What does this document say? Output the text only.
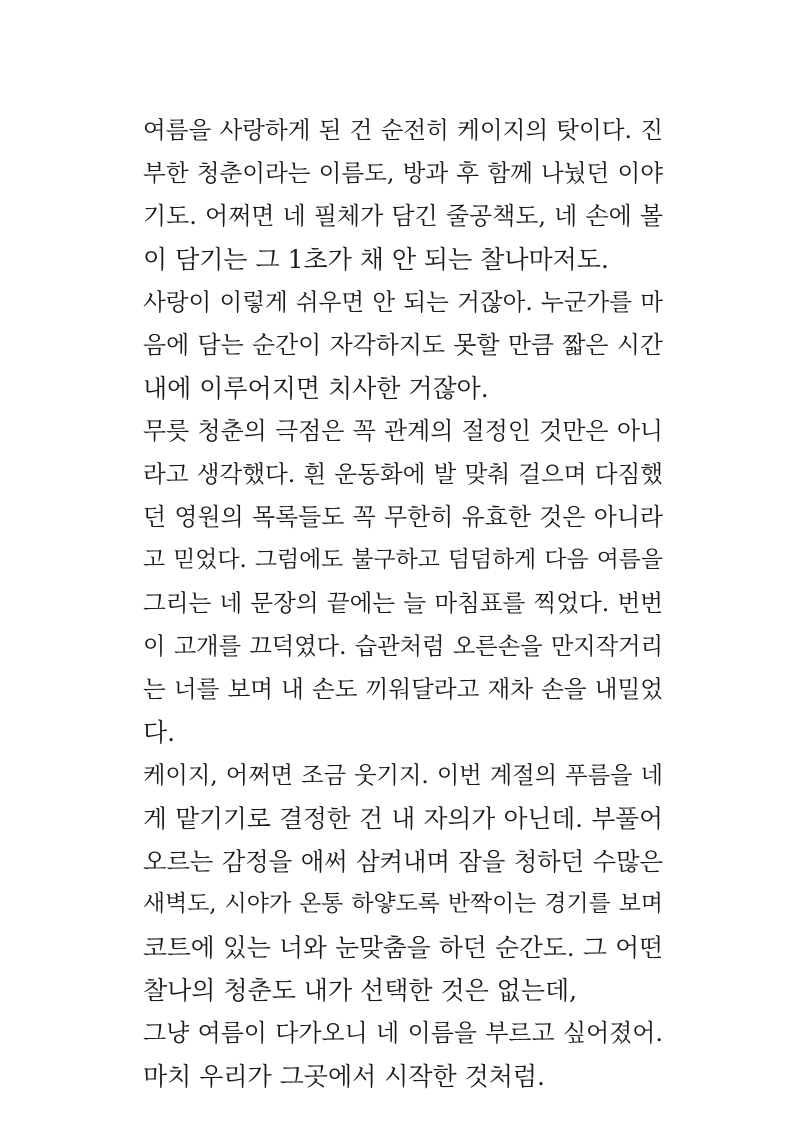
여름을 사랑하게 된 건 순전히 케이지의 탓이다. 진
부한 청춘이라는 이름도, 방과 후 함께 나눴던 이야
기도. 어쩌면 네 필체가 담긴 줄공책도, 네 손에 볼
이 담기는 그 1초가 채 안 되는 찰나마저도.
사랑이 이렇게 쉬우면 안 되는 거잖아. 누군가를 마
음에 담는 순간이 자각하지도 못할 만큼 짧은 시간
내에 이루어지면 치사한 거잖아.
무릇 청춘의 극점은 꼭 관계의 절정인 것만은 아니
라고 생각했다. 흰 운동화에 발 맞춰 걸으며 다짐했
던 영원의 목록들도 꼭 무한히 유효한 것은 아니라
고 믿었다. 그럼에도 불구하고 덤덤하게 다음 여름을
그리는 네 문장의 끝에는 늘 마침표를 찍었다. 번번
이 고개를 끄덕였다. 습관처럼 오른손을 만지작거리
는 너를 보며 내 손도 끼워달라고 재차 손을 내밀었
다.
케이지, 어쩌면 조금 웃기지. 이번 계절의 푸름을 네
게 맡기기로 결정한 건 내 자의가 아닌데. 부풀어
오르는 감정을 애써 삼켜내며 잠을 청하던 수많은
새벽도, 시야가 온통 하얗도록 반짝이는 경기를 보며
코트에 있는 너와 눈맞춤을 하던 순간도. 그 어떤
찰나의 청춘도 내가 선택한 것은 없는데,
그냥 여름이 다가오니 네 이름을 부르고 싶어졌어.
마치 우리가 그곳에서 시작한 것처럼.
